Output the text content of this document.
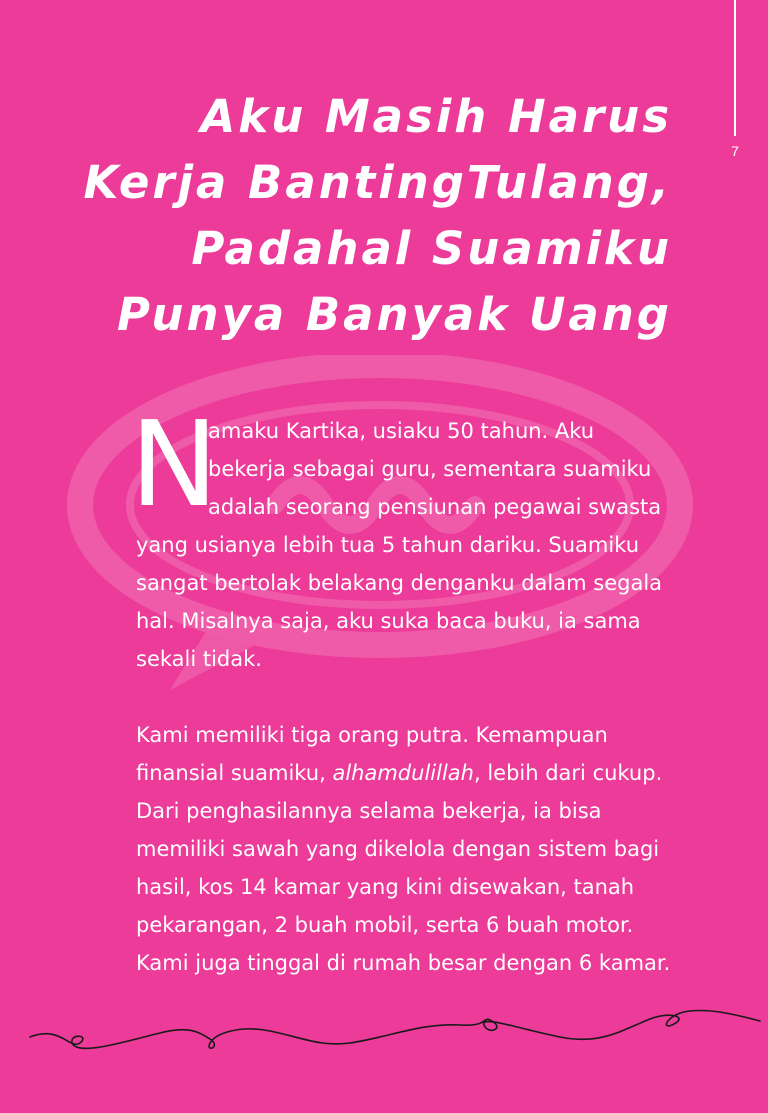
7
Aku Masih Harus
Kerja BantingTulang,
Padahal Suamiku
Punya Banyak Uang
N

amaku Kartika, usiaku 50 tahun. Aku
bekerja sebagai guru, sementara suamiku
adalah seorang pensiunan pegawai swasta
yang usianya lebih tua 5 tahun dariku. Suamiku
sangat bertolak belakang denganku dalam segala
hal. Misalnya saja, aku suka baca buku, ia sama
sekali tidak.

Kami memiliki tiga orang putra. Kemampuan
finansial suamiku, alhamdulillah, lebih dari cukup.
Dari penghasilannya selama bekerja, ia bisa
memiliki sawah yang dikelola dengan sistem bagi
hasil, kos 14 kamar yang kini disewakan, tanah
pekarangan, 2 buah mobil, serta 6 buah motor.
Kami juga tinggal di rumah besar dengan 6 kamar.
